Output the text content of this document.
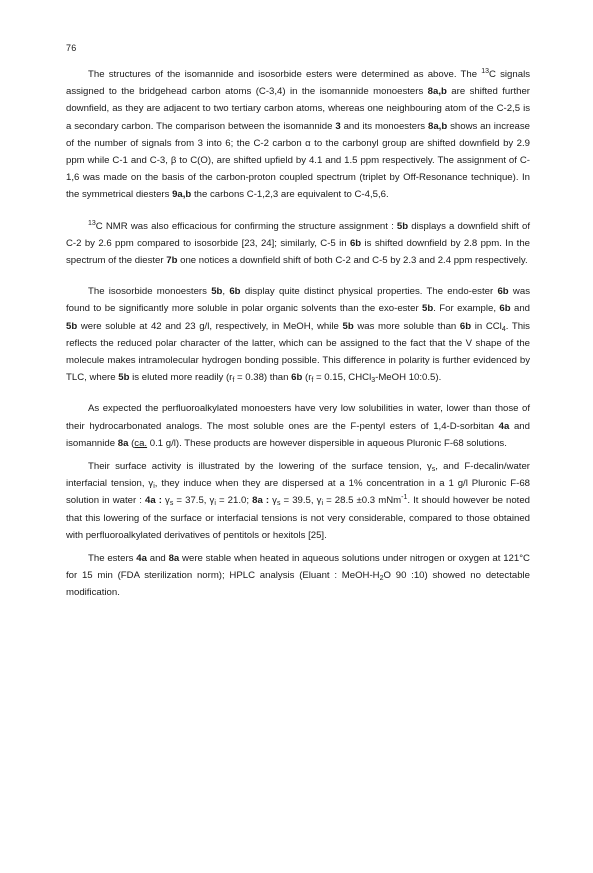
76

The structures of the isomannide and isosorbide esters were determined as above. The $^{13}$C signals assigned to the bridgehead carbon atoms (C-3,4) in the isomannide monoesters 8a,b are shifted further downfield, as they are adjacent to two tertiary carbon atoms, whereas one neighbouring atom of the C-2,5 is a secondary carbon. The comparison between the isomannide 3 and its monoesters 8a,b shows an increase of the number of signals from 3 into 6; the C-2 carbon α to the carbonyl group are shifted downfield by 2.9 ppm while C-1 and C-3, β to C(O), are shifted upfield by 4.1 and 1.5 ppm respectively. The assignment of C-1,6 was made on the basis of the carbon-proton coupled spectrum (triplet by Off-Resonance technique). In the symmetrical diesters 9a,b the carbons C-1,2,3 are equivalent to C-4,5,6.

$^{13}$C NMR was also efficacious for confirming the structure assignment : 5b displays a downfield shift of C-2 by 2.6 ppm compared to isosorbide [23, 24]; similarly, C-5 in 6b is shifted downfield by 2.8 ppm. In the spectrum of the diester 7b one notices a downfield shift of both C-2 and C-5 by 2.3 and 2.4 ppm respectively.

The isosorbide monoesters 5b, 6b display quite distinct physical properties. The endo-ester 6b was found to be significantly more soluble in polar organic solvents than the exo-ester 5b. For example, 6b and 5b were soluble at 42 and 23 g/l, respectively, in MeOH, while 5b was more soluble than 6b in CCl$_4$. This reflects the reduced polar character of the latter, which can be assigned to the fact that the V shape of the molecule makes intramolecular hydrogen bonding possible. This difference in polarity is further evidenced by TLC, where 5b is eluted more readily $(r_f = 0.38)$ than 6b ($r_f = 0.15$, CHCl$_3$-MeOH 10:0.5).

As expected the perfluoroalkylated monoesters have very low solubilities in water, lower than those of their hydrocarbonated analogs. The most soluble ones are the F-pentyl esters of 1,4-D-sorbitan 4a and isomannide 8a (ca. 0.1 g/l). These products are however dispersible in aqueous Pluronic F-68 solutions.

Their surface activity is illustrated by the lowering of the surface tension, $\gamma_s$, and F-decalin/water interfacial tension, $\gamma_i$, they induce when they are dispersed at a 1% concentration in a 1 g/l Pluronic F-68 solution in water : 4a : $\gamma_s = 37.5$, $\gamma_i = 21.0$; 8a : $\gamma_s = 39.5$, $\gamma_i = 28.5 \pm 0.3$ mNm$^{-1}$. It should however be noted that this lowering of the surface or interfacial tensions is not very considerable, compared to those obtained with perfluoroalkylated derivatives of pentitols or hexitols [25].

The esters 4a and 8a were stable when heated in aqueous solutions under nitrogen or oxygen at 121°C for 15 min (FDA sterilization norm); HPLC analysis (Eluant : MeOH-$H_2O$ 90 :10) showed no detectable modification.
